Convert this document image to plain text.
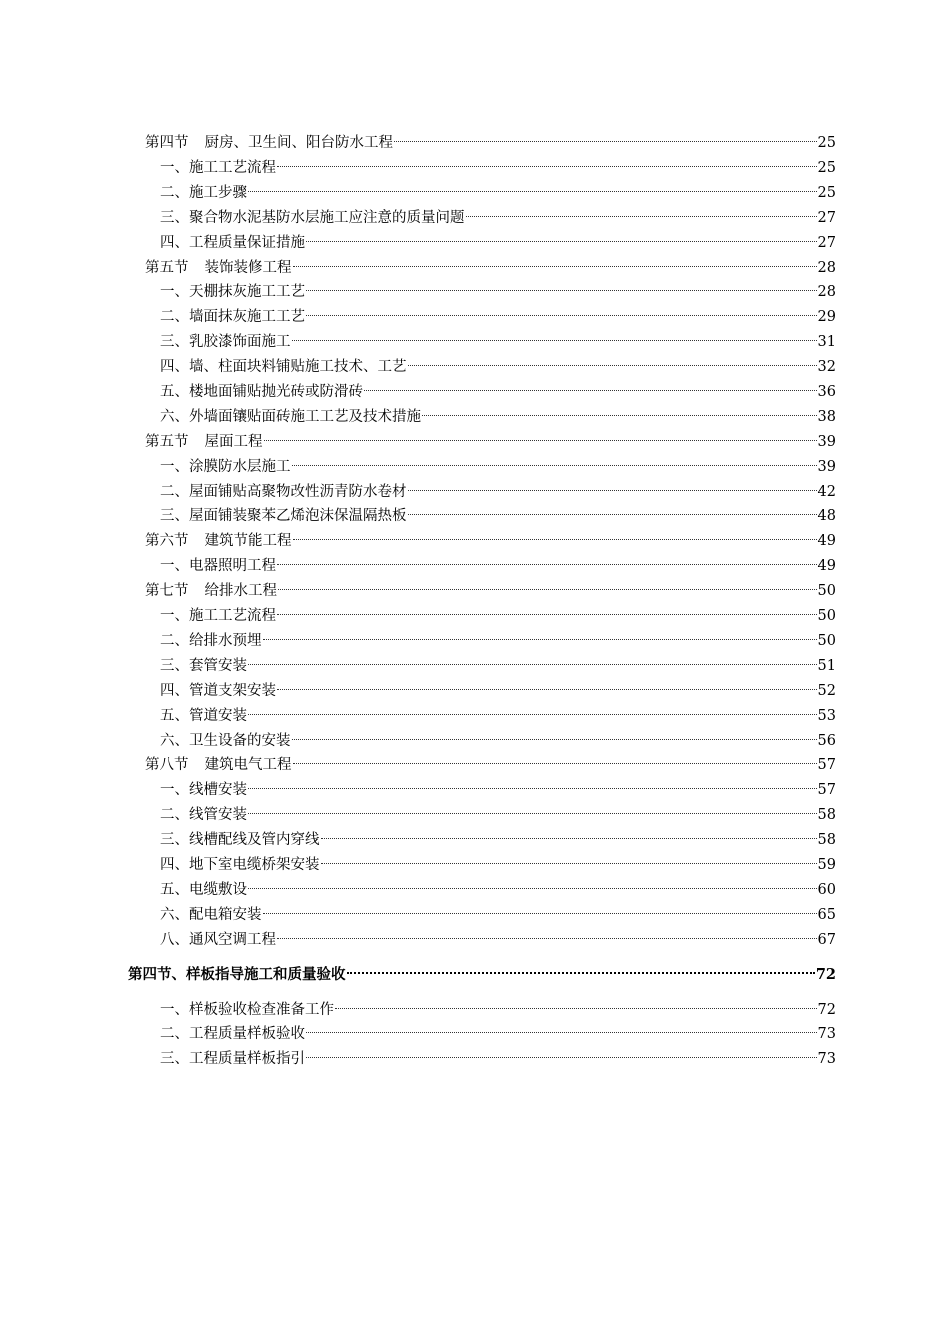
第四节 厨房、卫生间、阳台防水工程	25
一、施工工艺流程	25
二、施工步骤	25
三、聚合物水泥基防水层施工应注意的质量问题	27
四、工程质量保证措施	27
第五节 装饰装修工程	28
一、天棚抹灰施工工艺	28
二、墙面抹灰施工工艺	29
三、乳胶漆饰面施工	31
四、墙、柱面块料铺贴施工技术、工艺	32
五、楼地面铺贴抛光砖或防滑砖	36
六、外墙面镶贴面砖施工工艺及技术措施	38
第五节 屋面工程	39
一、涂膜防水层施工	39
二、屋面铺贴高聚物改性沥青防水卷材	42
三、屋面铺装聚苯乙烯泡沫保温隔热板	48
第六节 建筑节能工程	49
一、电器照明工程	49
第七节 给排水工程	50
一、施工工艺流程	50
二、给排水预埋	50
三、套管安装	51
四、管道支架安装	52
五、管道安装	53
六、卫生设备的安装	56
第八节 建筑电气工程	57
一、线槽安装	57
二、线管安装	58
三、线槽配线及管内穿线	58
四、地下室电缆桥架安装	59
五、电缆敷设	60
六、配电箱安装	65
八、通风空调工程	67
第四节、样板指导施工和质量验收	72
一、样板验收检查准备工作	72
二、工程质量样板验收	73
三、工程质量样板指引	73
